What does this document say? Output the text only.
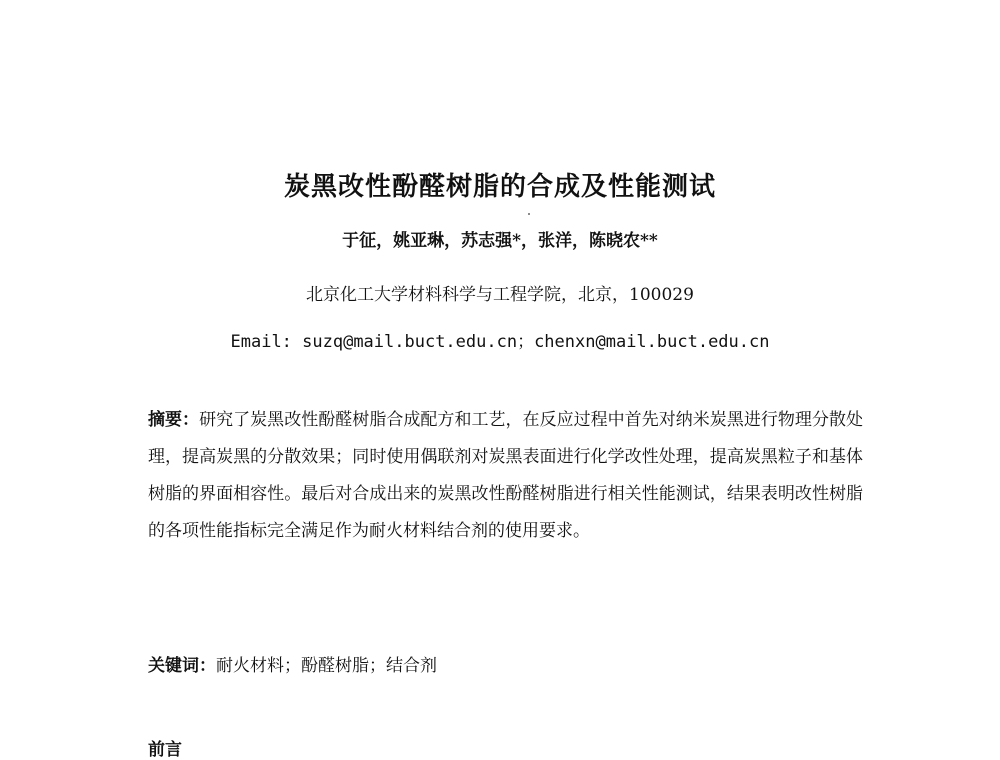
炭黑改性酚醛树脂的合成及性能测试
于征，姚亚琳，苏志强*，张洋，陈晓农**
北京化工大学材料科学与工程学院，北京，100029
Email: suzq@mail.buct.edu.cn；chenxn@mail.buct.edu.cn
摘要：研究了炭黑改性酚醛树脂合成配方和工艺，在反应过程中首先对纳米炭黑进行物理分散处理，提高炭黑的分散效果；同时使用偶联剂对炭黑表面进行化学改性处理，提高炭黑粒子和基体树脂的界面相容性。最后对合成出来的炭黑改性酚醛树脂进行相关性能测试，结果表明改性树脂的各项性能指标完全满足作为耐火材料结合剂的使用要求。
关键词：耐火材料；酚醛树脂；结合剂
前言
